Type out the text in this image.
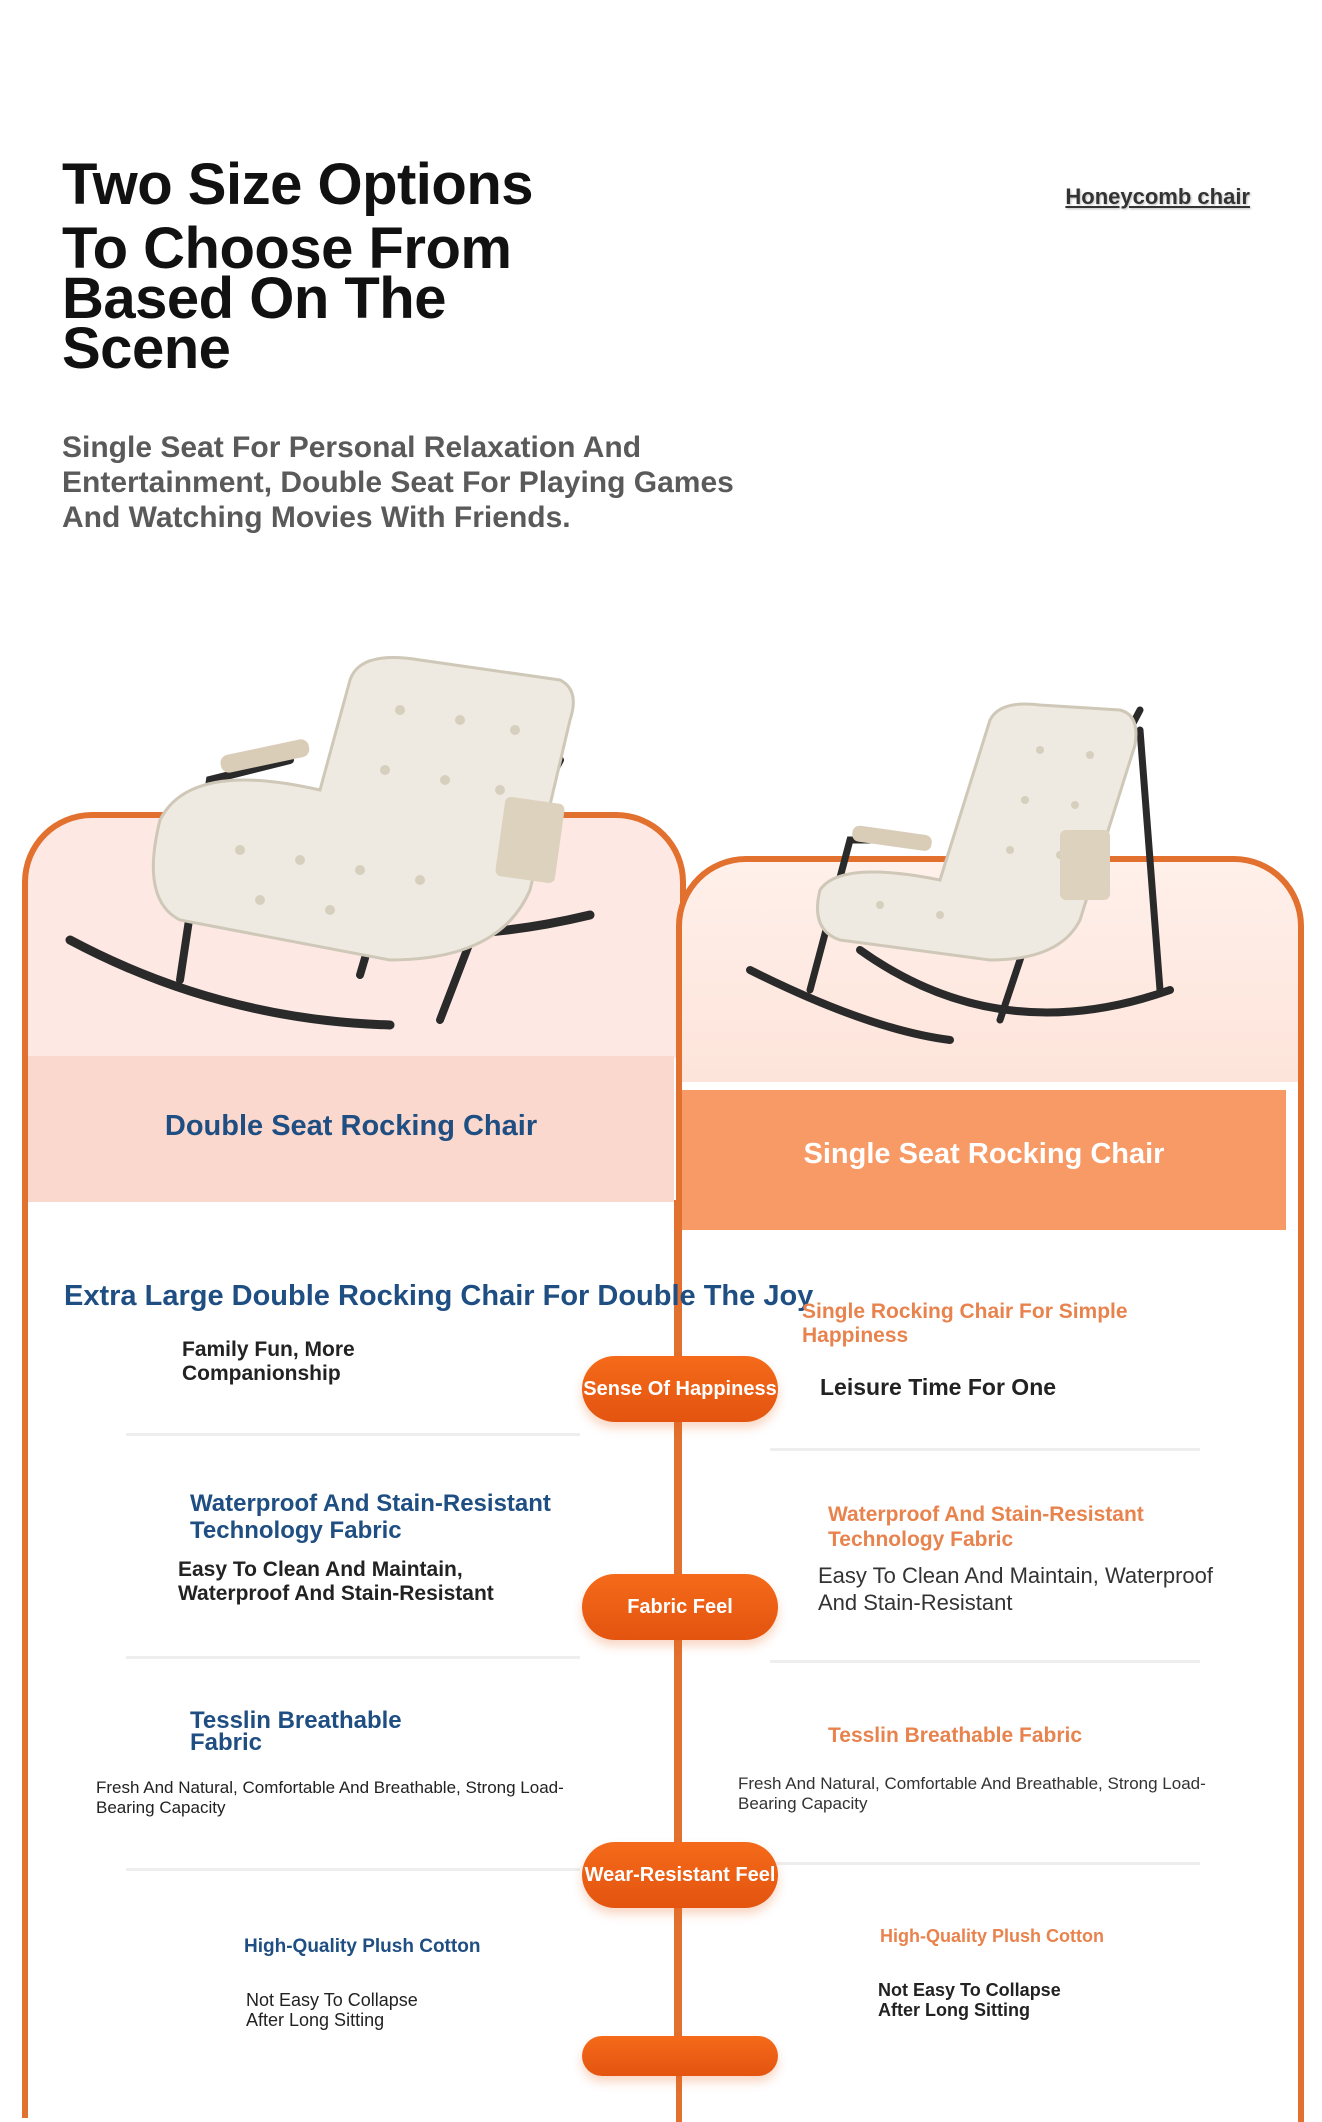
Two Size Options
To Choose From
Based On The
Scene
Honeycomb chair
Single Seat For Personal Relaxation And Entertainment, Double Seat For Playing Games And Watching Movies With Friends.
Double Seat Rocking Chair
Single Seat Rocking Chair
Extra Large Double Rocking Chair For Double The Joy
Family Fun, More Companionship
Waterproof And Stain-Resistant Technology Fabric
Easy To Clean And Maintain, Waterproof And Stain-Resistant
Tesslin Breathable Fabric
Fresh And Natural, Comfortable And Breathable, Strong Load-Bearing Capacity
High-Quality Plush Cotton
Not Easy To Collapse After Long Sitting
Single Rocking Chair For Simple Happiness
Leisure Time For One
Waterproof And Stain-Resistant Technology Fabric
Easy To Clean And Maintain, Waterproof And Stain-Resistant
Tesslin Breathable Fabric
Fresh And Natural, Comfortable And Breathable, Strong Load-Bearing Capacity
High-Quality Plush Cotton
Not Easy To Collapse After Long Sitting
Sense Of Happiness
Fabric Feel
Wear-Resistant Feel
